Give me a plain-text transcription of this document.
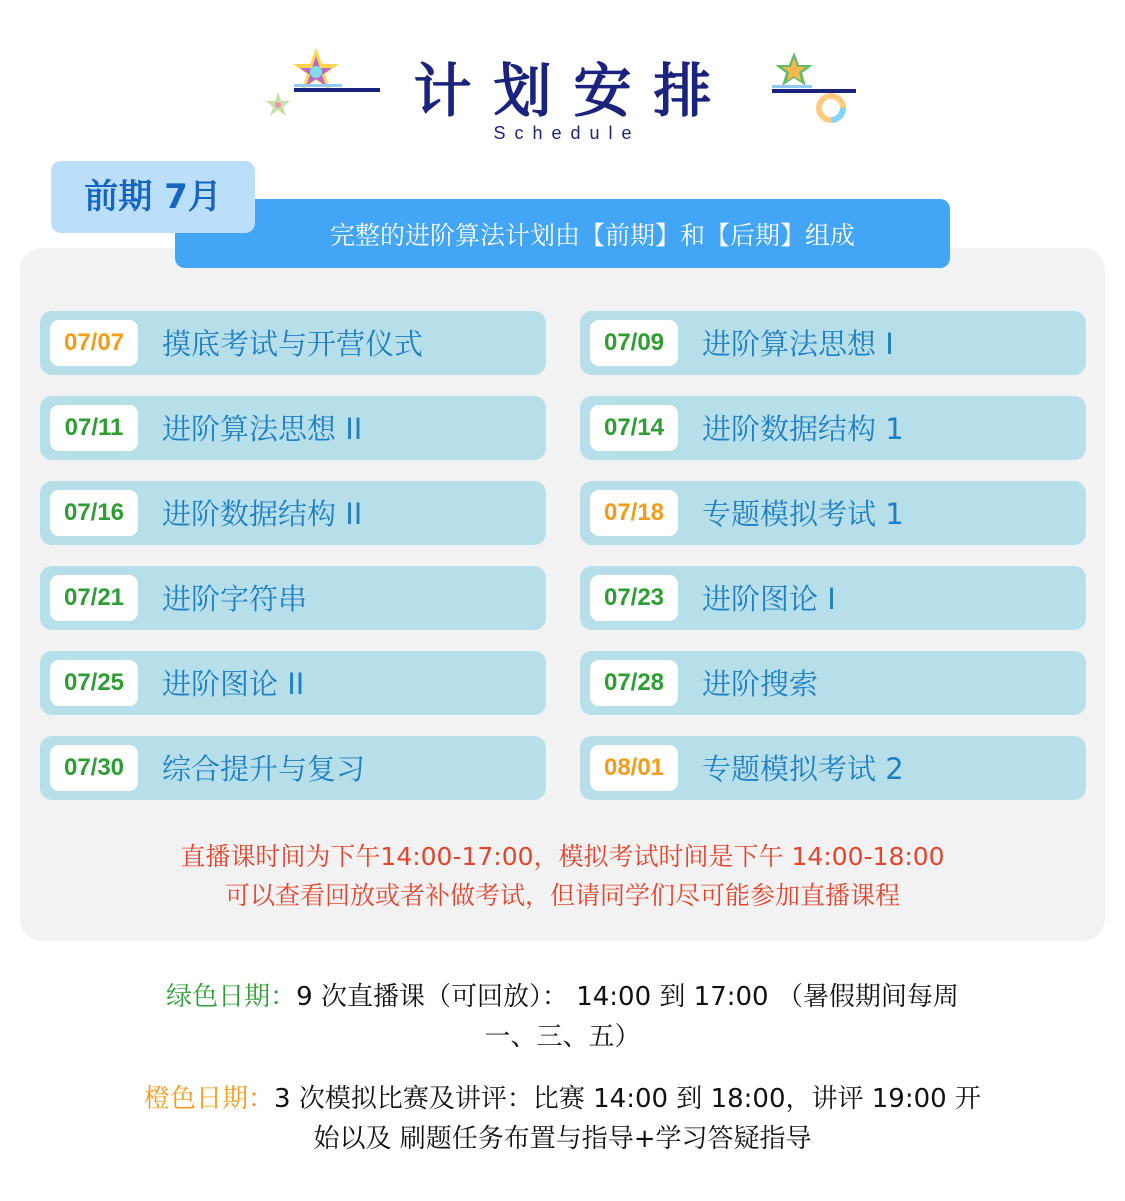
计划安排
Schedule
完整的进阶算法计划由【前期】和【后期】组成
前期 7月
07/07	摸底考试与开营仪式	07/09	进阶算法思想 I
07/11	进阶算法思想 II	07/14	进阶数据结构 1
07/16	进阶数据结构 II	07/18	专题模拟考试 1
07/21	进阶字符串	07/23	进阶图论 I
07/25	进阶图论 II	07/28	进阶搜索
07/30	综合提升与复习	08/01	专题模拟考试 2
直播课时间为下午14:00-17:00，模拟考试时间是下午 14:00-18:00
可以查看回放或者补做考试，但请同学们尽可能参加直播课程
绿色日期：9 次直播课（可回放）： 14:00 到 17:00 （暑假期间每周
一、三、五）
橙色日期：3 次模拟比赛及讲评：比赛 14:00 到 18:00，讲评 19:00 开
始以及 刷题任务布置与指导+学习答疑指导
